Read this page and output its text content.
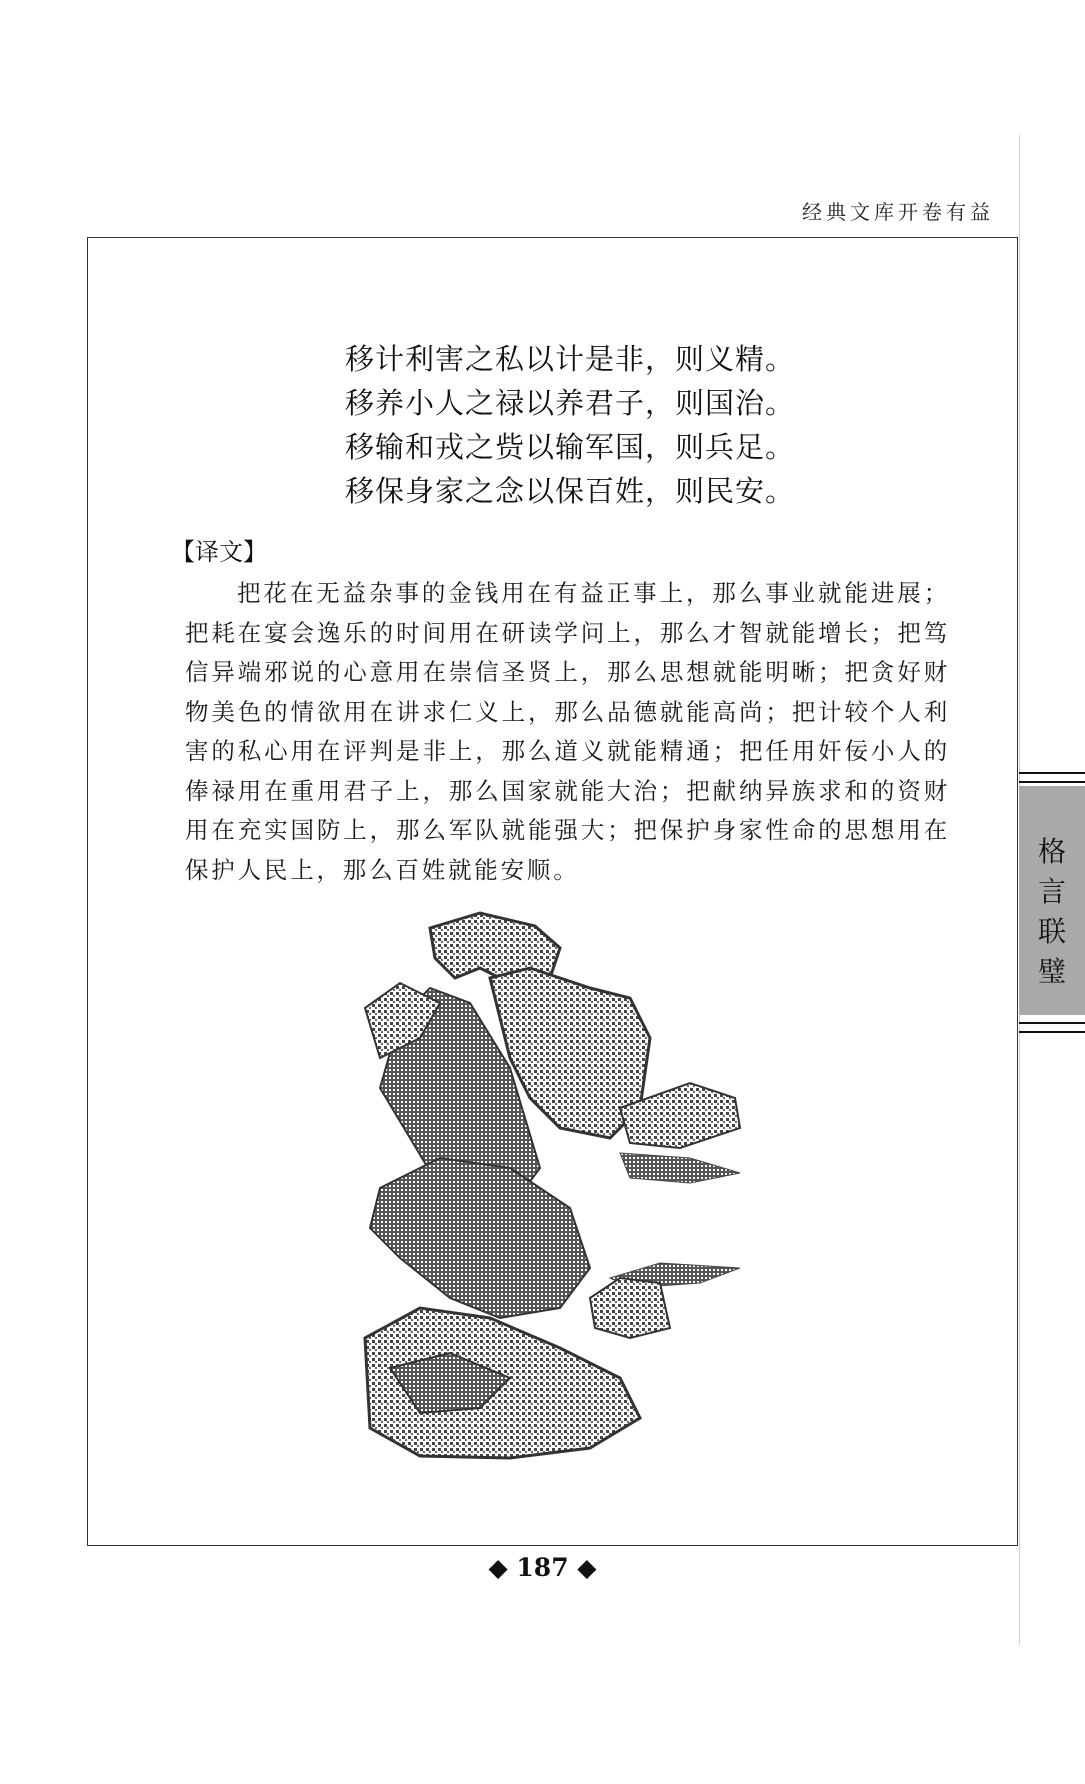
经典文库开卷有益
移计利害之私以计是非，则义精。
移养小人之禄以养君子，则国治。
移输和戎之赀以输军国，则兵足。
移保身家之念以保百姓，则民安。
【译文】
把花在无益杂事的金钱用在有益正事上，那么事业就能进展；把耗在宴会逸乐的时间用在研读学问上，那么才智就能增长；把笃信异端邪说的心意用在崇信圣贤上，那么思想就能明晰；把贪好财物美色的情欲用在讲求仁义上，那么品德就能高尚；把计较个人利害的私心用在评判是非上，那么道义就能精通；把任用奸佞小人的俸禄用在重用君子上，那么国家就能大治；把献纳异族求和的资财用在充实国防上，那么军队就能强大；把保护身家性命的思想用在保护人民上，那么百姓就能安顺。
◆ 187 ◆
格
言
联
璧
